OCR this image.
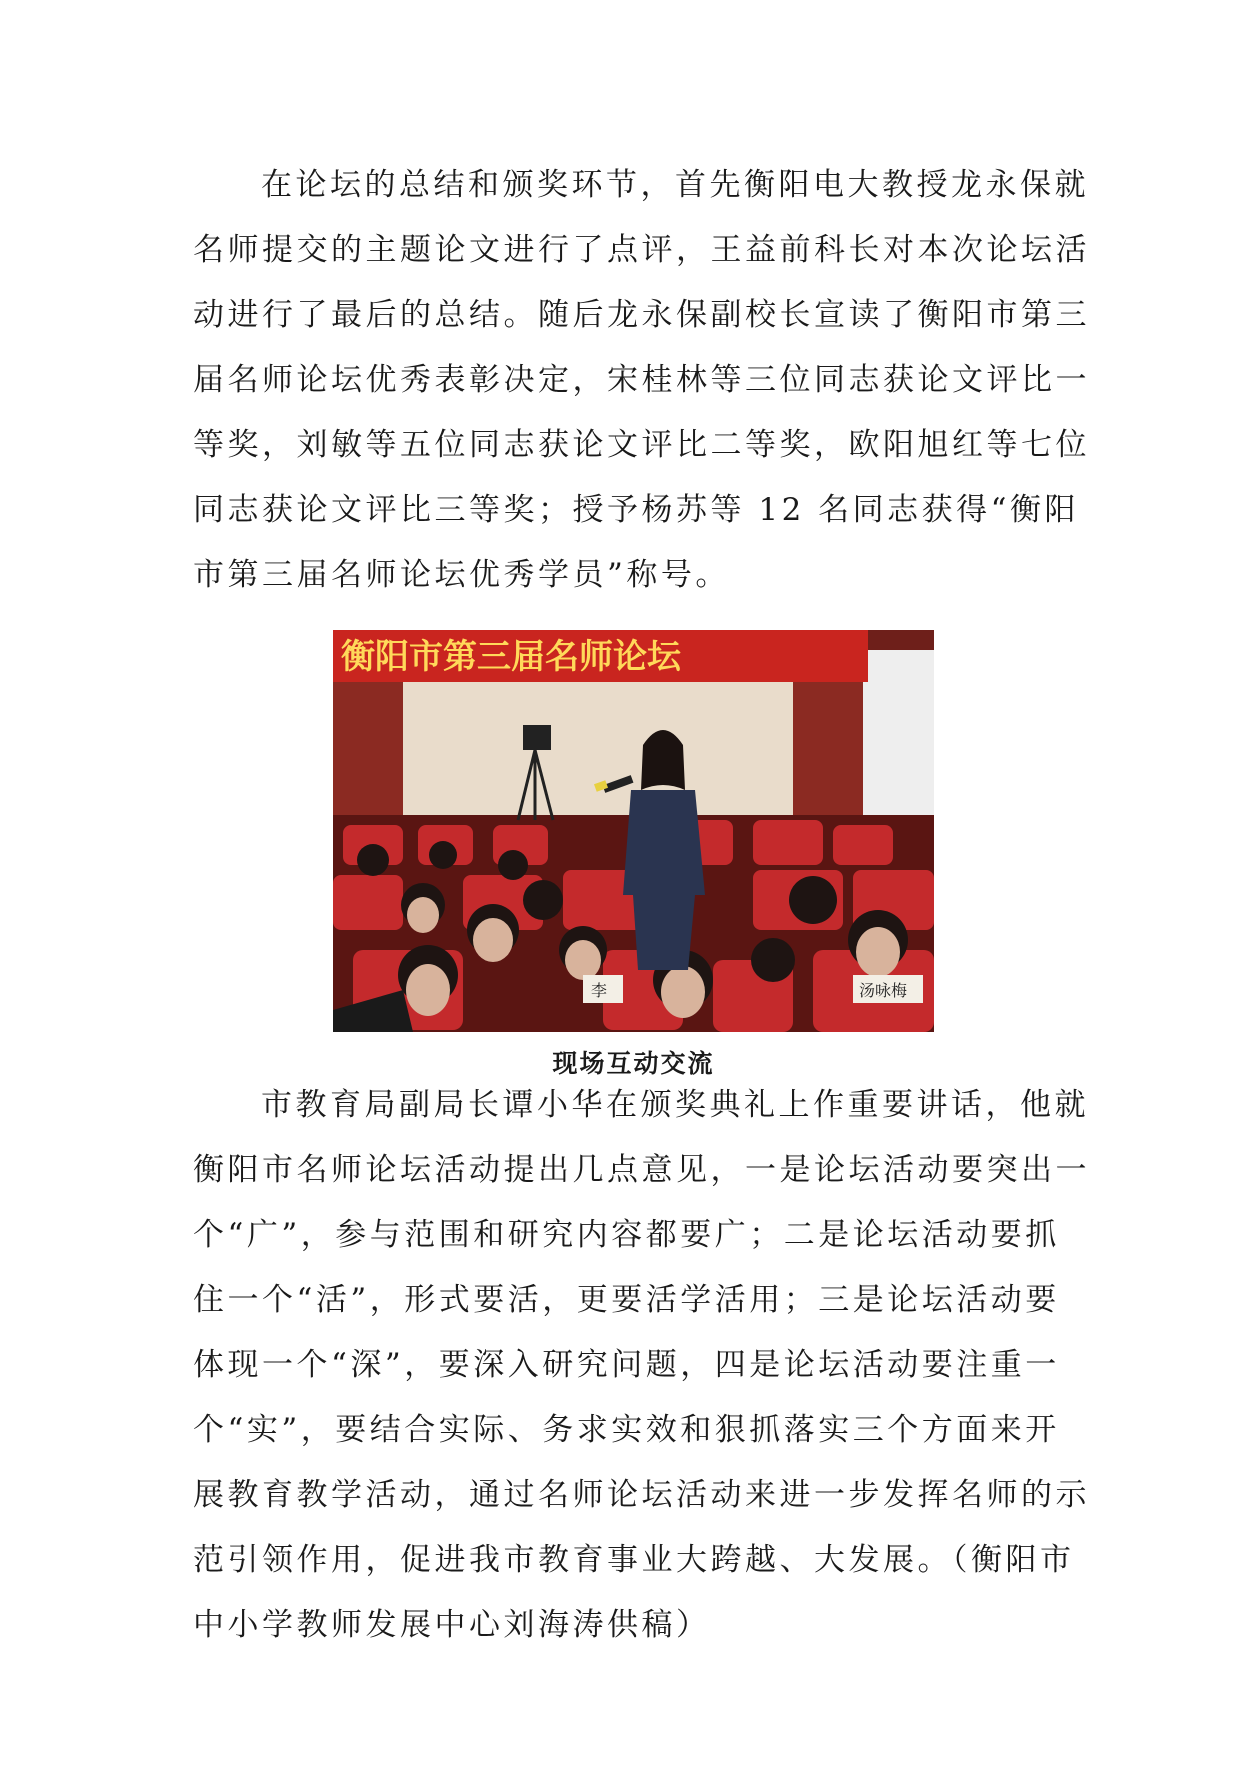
在论坛的总结和颁奖环节，首先衡阳电大教授龙永保就
名师提交的主题论文进行了点评，王益前科长对本次论坛活
动进行了最后的总结。随后龙永保副校长宣读了衡阳市第三
届名师论坛优秀表彰决定，宋桂林等三位同志获论文评比一
等奖，刘敏等五位同志获论文评比二等奖，欧阳旭红等七位
同志获论文评比三等奖；授予杨苏等 12 名同志获得“衡阳
市第三届名师论坛优秀学员”称号。
衡阳市第三届名师论坛
李	汤咏梅
现场互动交流
市教育局副局长谭小华在颁奖典礼上作重要讲话，他就
衡阳市名师论坛活动提出几点意见，一是论坛活动要突出一
个“广”，参与范围和研究内容都要广；二是论坛活动要抓
住一个“活”，形式要活，更要活学活用；三是论坛活动要
体现一个“深”，要深入研究问题，四是论坛活动要注重一
个“实”，要结合实际、务求实效和狠抓落实三个方面来开
展教育教学活动，通过名师论坛活动来进一步发挥名师的示
范引领作用，促进我市教育事业大跨越、大发展。（衡阳市
中小学教师发展中心刘海涛供稿）
